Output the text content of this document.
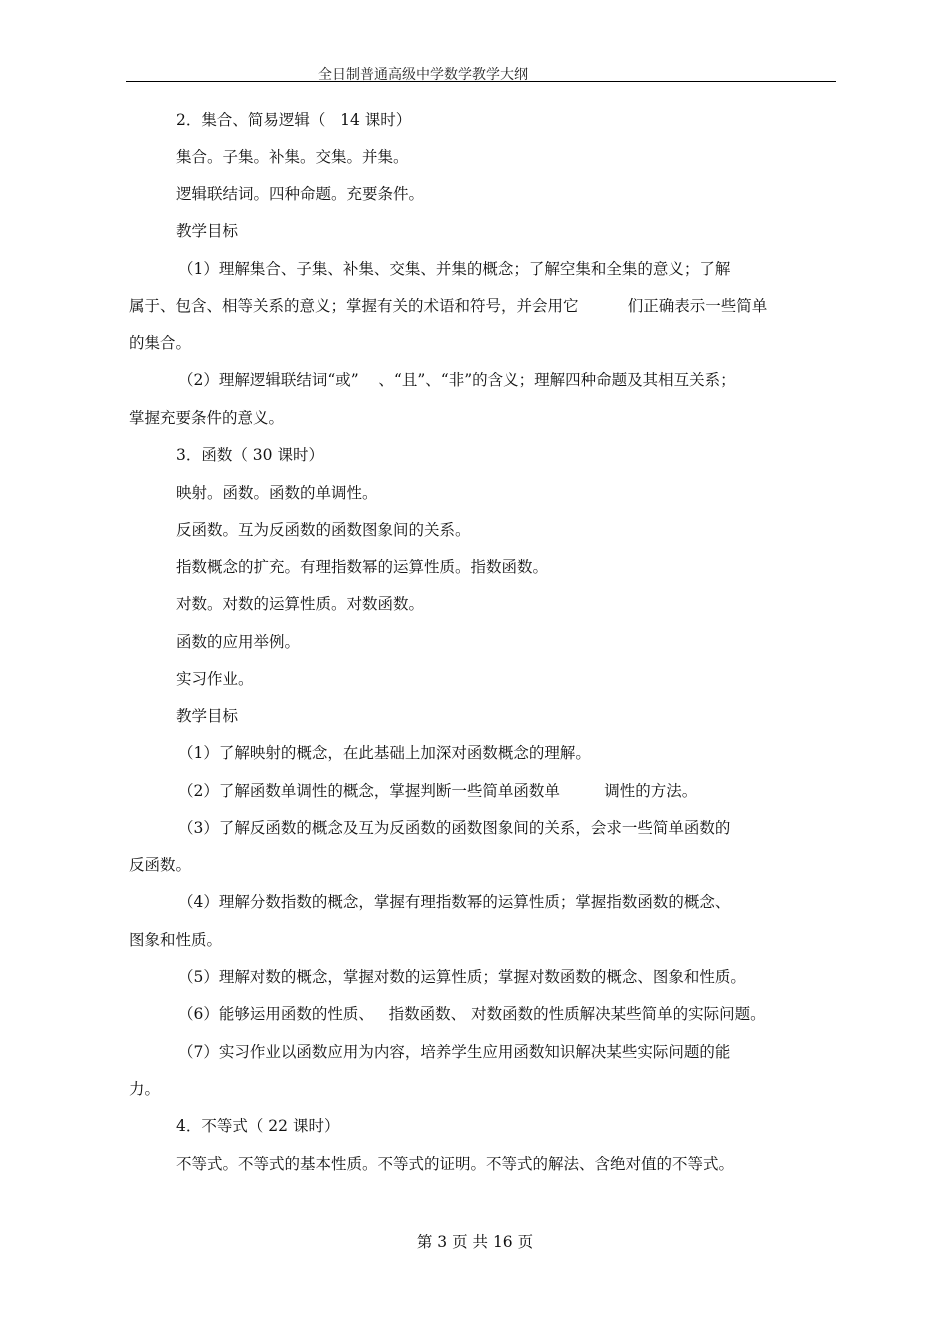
全日制普通高级中学数学教学大纲
2．集合、简易逻辑（   14 课时）
集合。子集。补集。交集。并集。
逻辑联结词。四种命题。充要条件。
教学目标
（1）理解集合、子集、补集、交集、并集的概念；了解空集和全集的意义；了解
属于、包含、相等关系的意义；掌握有关的术语和符号，并会用它          们正确表示一些简单
的集合。
（2）理解逻辑联结词“或”    、“且”、“非”的含义；理解四种命题及其相互关系；
掌握充要条件的意义。
3．函数（ 30 课时）
映射。函数。函数的单调性。
反函数。互为反函数的函数图象间的关系。
指数概念的扩充。有理指数幂的运算性质。指数函数。
对数。对数的运算性质。对数函数。
函数的应用举例。
实习作业。
教学目标
（1）了解映射的概念，在此基础上加深对函数概念的理解。
（2）了解函数单调性的概念，掌握判断一些简单函数单         调性的方法。
（3）了解反函数的概念及互为反函数的函数图象间的关系，会求一些简单函数的
反函数。
（4）理解分数指数的概念，掌握有理指数幂的运算性质；掌握指数函数的概念、
图象和性质。
（5）理解对数的概念，掌握对数的运算性质；掌握对数函数的概念、图象和性质。
（6）能够运用函数的性质、   指数函数、 对数函数的性质解决某些简单的实际问题。
（7）实习作业以函数应用为内容，培养学生应用函数知识解决某些实际问题的能
力。
4．不等式（ 22 课时）
不等式。不等式的基本性质。不等式的证明。不等式的解法、含绝对值的不等式。
第 3 页 共 16 页
